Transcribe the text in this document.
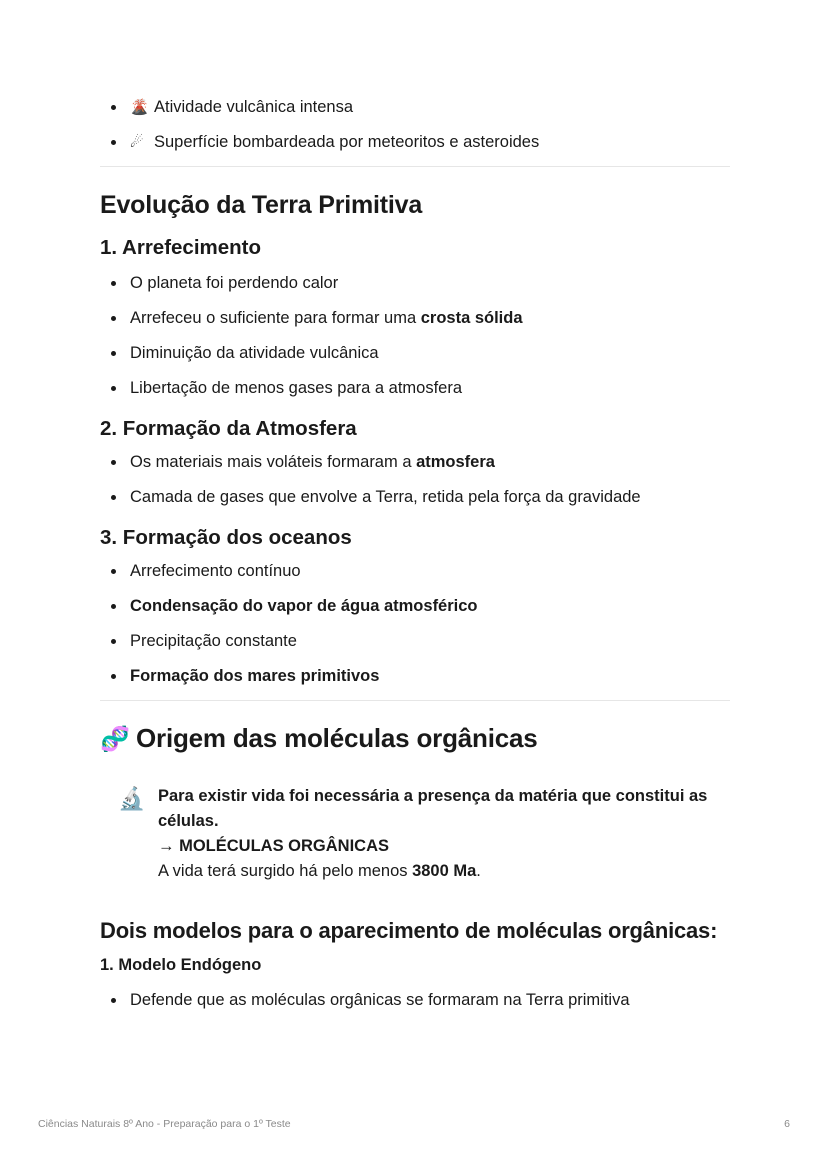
🌋 Atividade vulcânica intensa
☄ Superfície bombardeada por meteoritos e asteroides
Evolução da Terra Primitiva
1. Arrefecimento
O planeta foi perdendo calor
Arrefeceu o suficiente para formar uma crosta sólida
Diminuição da atividade vulcânica
Libertação de menos gases para a atmosfera
2. Formação da Atmosfera
Os materiais mais voláteis formaram a atmosfera
Camada de gases que envolve a Terra, retida pela força da gravidade
3. Formação dos oceanos
Arrefecimento contínuo
Condensação do vapor de água atmosférico
Precipitação constante
Formação dos mares primitivos
🧬 Origem das moléculas orgânicas
🔬 Para existir vida foi necessária a presença da matéria que constitui as células.
→ MOLÉCULAS ORGÂNICAS
A vida terá surgido há pelo menos 3800 Ma.
Dois modelos para o aparecimento de moléculas orgânicas:
1. Modelo Endógeno
Defende que as moléculas orgânicas se formaram na Terra primitiva
Ciências Naturais 8º Ano - Preparação para o 1º Teste	6
